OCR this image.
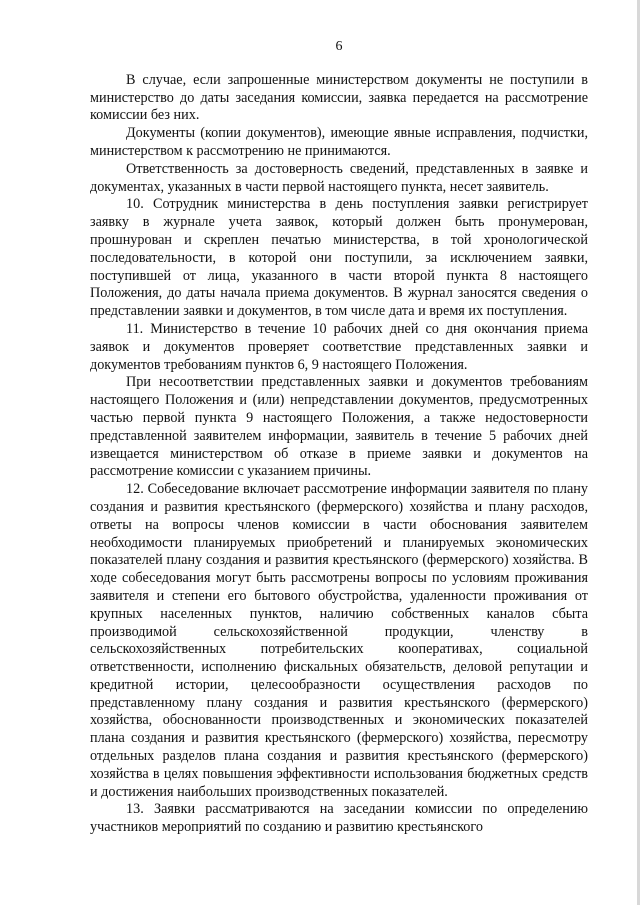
6

В случае, если запрошенные министерством документы не поступили в министерство до даты заседания комиссии, заявка передается на рассмотрение комиссии без них.

Документы (копии документов), имеющие явные исправления, подчистки, министерством к рассмотрению не принимаются.

Ответственность за достоверность сведений, представленных в заявке и документах, указанных в части первой настоящего пункта, несет заявитель.

10. Сотрудник министерства в день поступления заявки регистрирует заявку в журнале учета заявок, который должен быть пронумерован, прошнурован и скреплен печатью министерства, в той хронологической последовательности, в которой они поступили, за исключением заявки, поступившей от лица, указанного в части второй пункта 8 настоящего Положения, до даты начала приема документов. В журнал заносятся сведения о представлении заявки и документов, в том числе дата и время их поступления.

11. Министерство в течение 10 рабочих дней со дня окончания приема заявок и документов проверяет соответствие представленных заявки и документов требованиям пунктов 6, 9 настоящего Положения.

При несоответствии представленных заявки и документов требованиям настоящего Положения и (или) непредставлении документов, предусмотренных частью первой пункта 9 настоящего Положения, а также недостоверности представленной заявителем информации, заявитель в течение 5 рабочих дней извещается министерством об отказе в приеме заявки и документов на рассмотрение комиссии с указанием причины.

12. Собеседование включает рассмотрение информации заявителя по плану создания и развития крестьянского (фермерского) хозяйства и плану расходов, ответы на вопросы членов комиссии в части обоснования заявителем необходимости планируемых приобретений и планируемых экономических показателей плану создания и развития крестьянского (фермерского) хозяйства. В ходе собеседования могут быть рассмотрены вопросы по условиям проживания заявителя и степени его бытового обустройства, удаленности проживания от крупных населенных пунктов, наличию собственных каналов сбыта производимой сельскохозяйственной продукции, членству в сельскохозяйственных потребительских кооперативах, социальной ответственности, исполнению фискальных обязательств, деловой репутации и кредитной истории, целесообразности осуществления расходов по представленному плану создания и развития крестьянского (фермерского) хозяйства, обоснованности производственных и экономических показателей плана создания и развития крестьянского (фермерского) хозяйства, пересмотру отдельных разделов плана создания и развития крестьянского (фермерского) хозяйства в целях повышения эффективности использования бюджетных средств и достижения наибольших производственных показателей.

13. Заявки рассматриваются на заседании комиссии по определению участников мероприятий по созданию и развитию крестьянского
